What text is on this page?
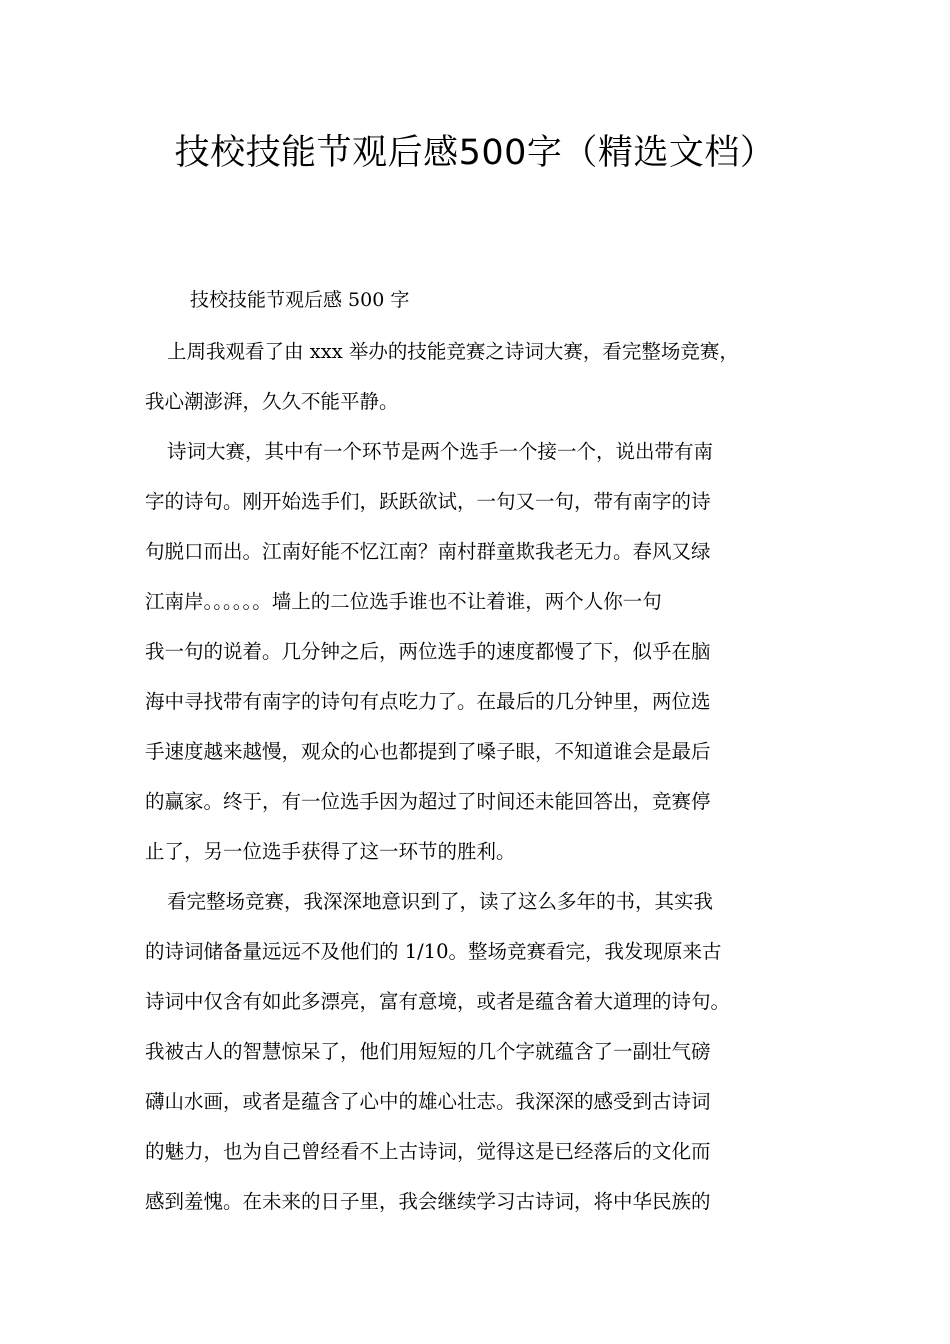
技校技能节观后感500字（精选文档）
技校技能节观后感 500 字
上周我观看了由 xxx 举办的技能竞赛之诗词大赛，看完整场竞赛，
我心潮澎湃，久久不能平静。
诗词大赛，其中有一个环节是两个选手一个接一个，说出带有南
字的诗句。刚开始选手们，跃跃欲试，一句又一句，带有南字的诗
句脱口而出。江南好能不忆江南？南村群童欺我老无力。春风又绿
江南岸。。。。。。墙上的二位选手谁也不让着谁，两个人你一句
我一句的说着。几分钟之后，两位选手的速度都慢了下，似乎在脑
海中寻找带有南字的诗句有点吃力了。在最后的几分钟里，两位选
手速度越来越慢，观众的心也都提到了嗓子眼，不知道谁会是最后
的赢家。终于，有一位选手因为超过了时间还未能回答出，竞赛停
止了，另一位选手获得了这一环节的胜利。
看完整场竞赛，我深深地意识到了，读了这么多年的书，其实我
的诗词储备量远远不及他们的 1/10。整场竞赛看完，我发现原来古
诗词中仅含有如此多漂亮，富有意境，或者是蕴含着大道理的诗句。
我被古人的智慧惊呆了，他们用短短的几个字就蕴含了一副壮气磅
礴山水画，或者是蕴含了心中的雄心壮志。我深深的感受到古诗词
的魅力，也为自己曾经看不上古诗词，觉得这是已经落后的文化而
感到羞愧。在未来的日子里，我会继续学习古诗词，将中华民族的
